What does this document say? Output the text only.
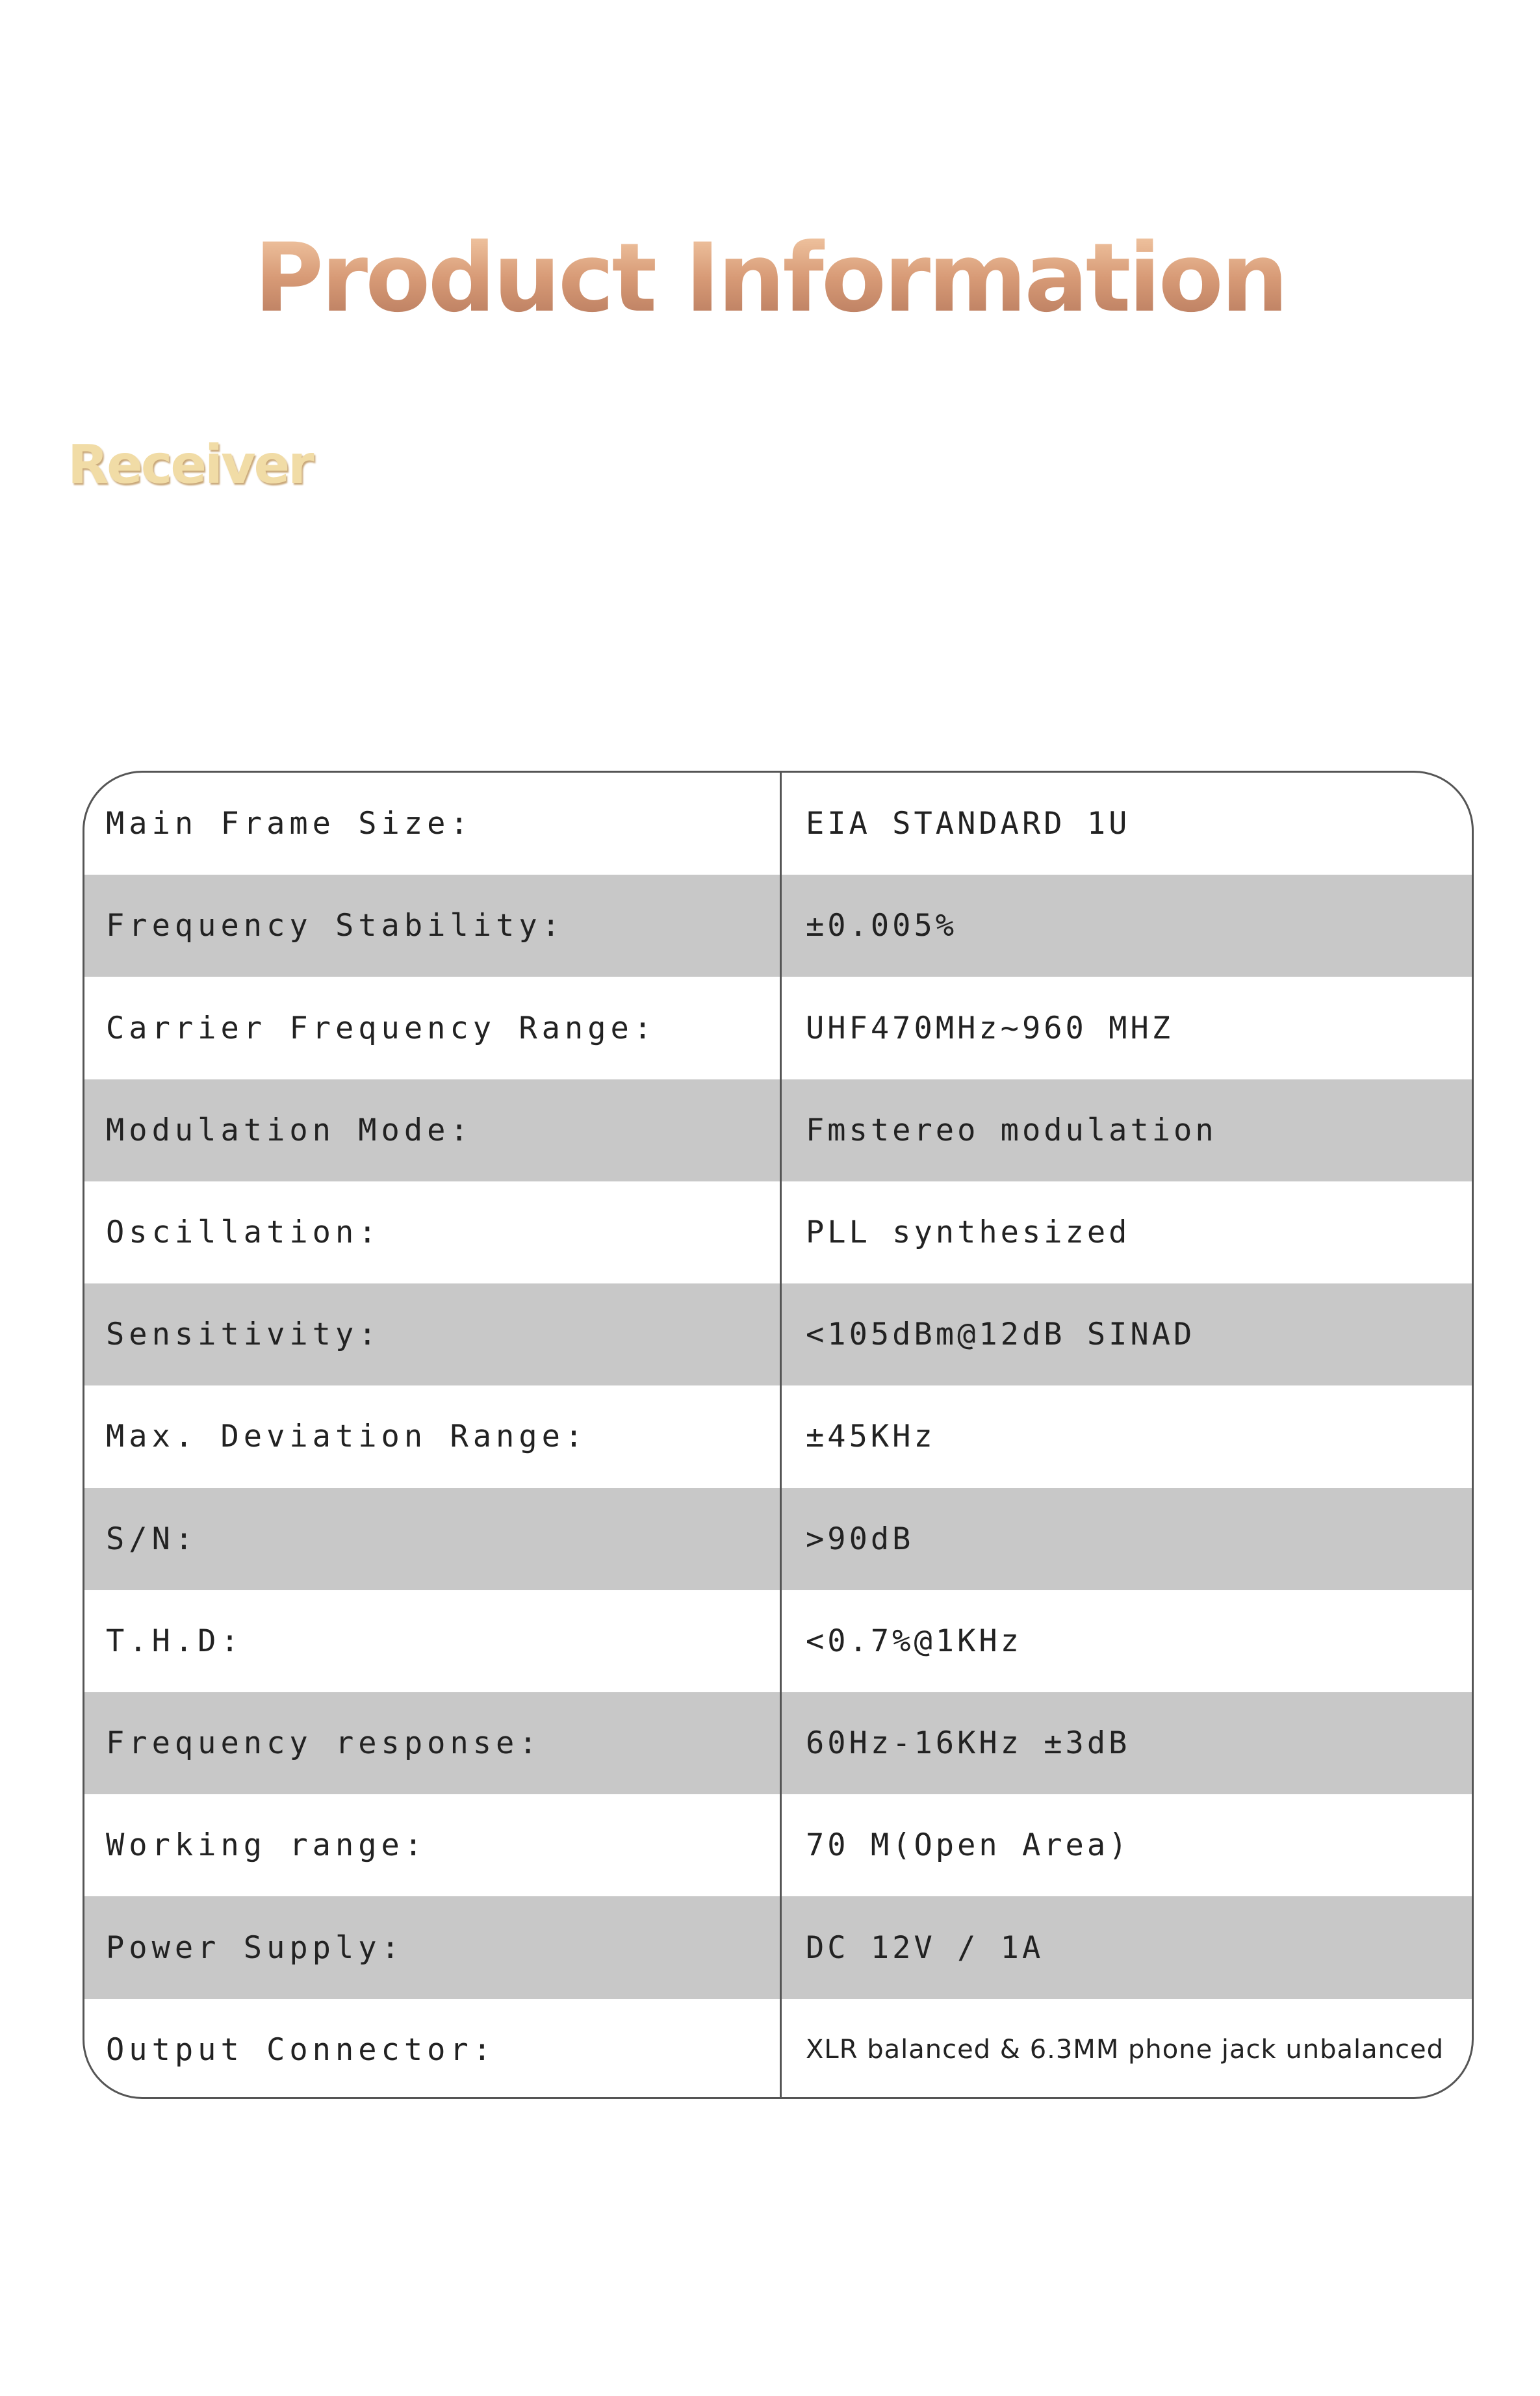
Product Information
Receiver
Main Frame Size:	EIA STANDARD 1U
Frequency Stability:	±0.005%
Carrier Frequency Range:	UHF470MHz~960 MHZ
Modulation Mode:	Fmstereo modulation
Oscillation:	PLL synthesized
Sensitivity:	<105dBm@12dB SINAD
Max. Deviation Range:	±45KHz
S/N:	>90dB
T.H.D:	<0.7%@1KHz
Frequency response:	60Hz-16KHz ±3dB
Working range:	70 M(Open Area)
Power Supply:	DC 12V / 1A
Output Connector:	XLR balanced & 6.3MM phone jack unbalanced
